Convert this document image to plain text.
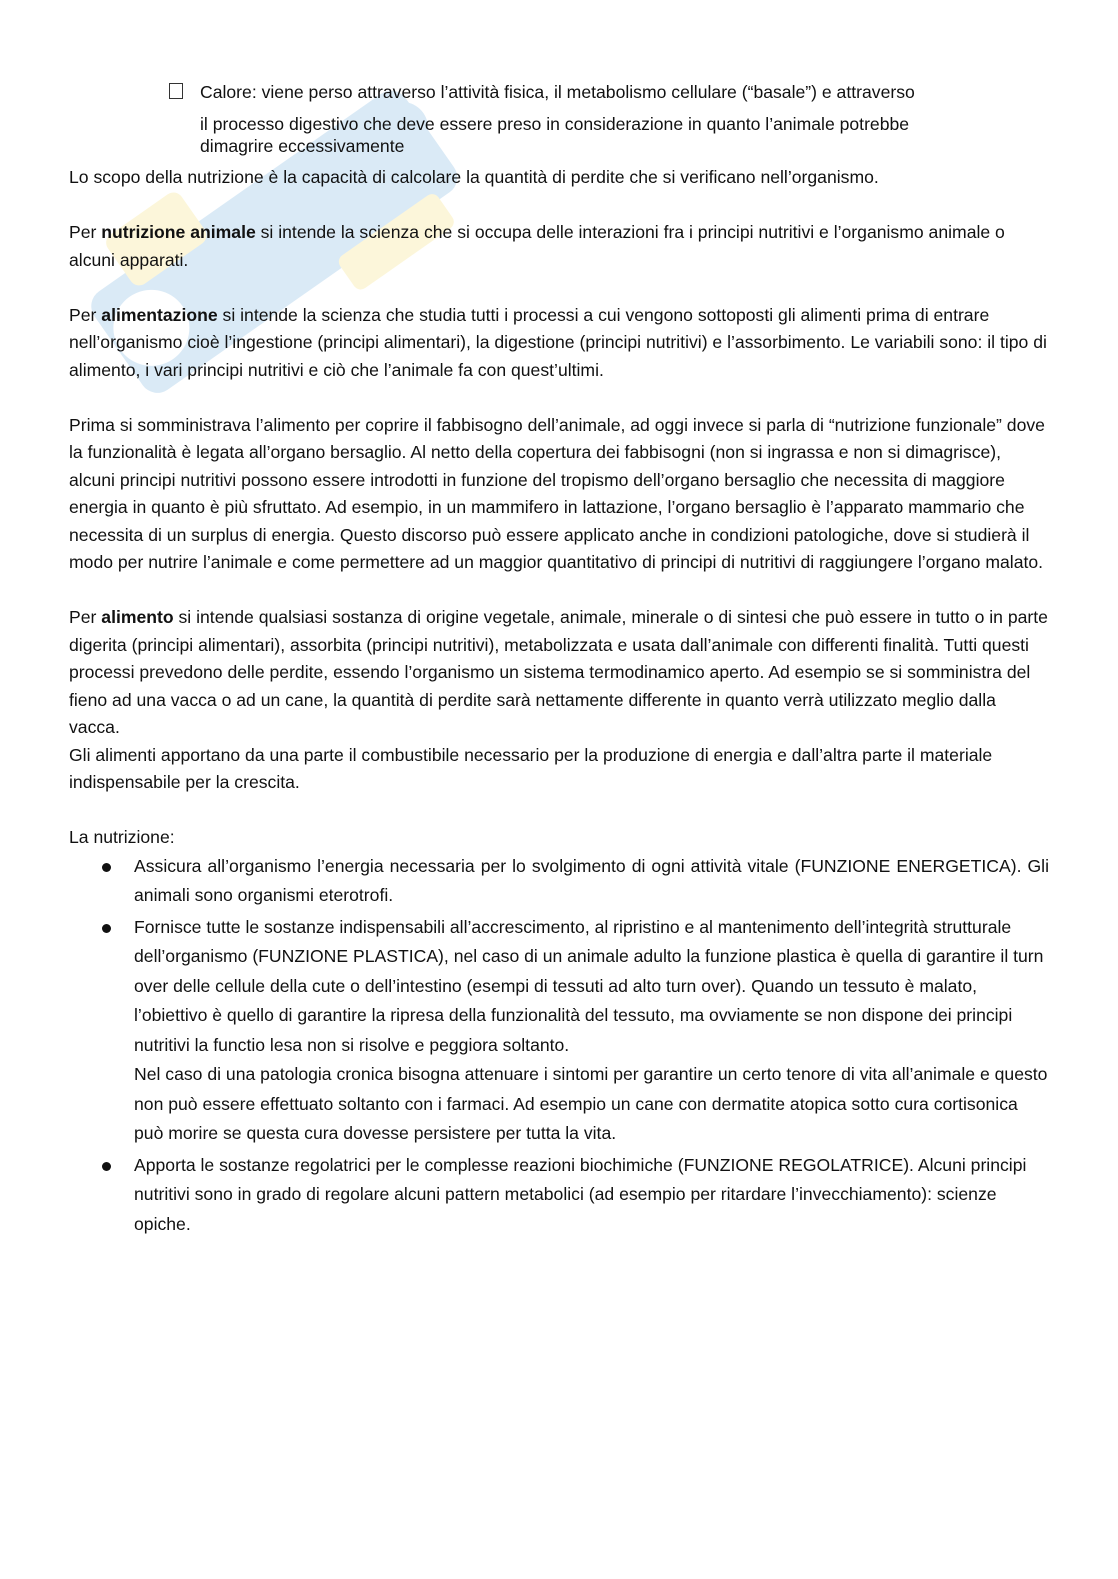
Calore: viene perso attraverso l’attività fisica, il metabolismo cellulare (“basale”) e attraverso

il processo digestivo che deve essere preso in considerazione in quanto l’animale potrebbe

dimagrire eccessivamente

Lo scopo della nutrizione è la capacità di calcolare la quantità di perdite che si verificano nell’organismo.

Per nutrizione animale si intende la scienza che si occupa delle interazioni fra i principi nutritivi e l’organismo animale o alcuni apparati.

Per alimentazione si intende la scienza che studia tutti i processi a cui vengono sottoposti gli alimenti prima di entrare nell’organismo cioè l’ingestione (principi alimentari), la digestione (principi nutritivi) e l’assorbimento. Le variabili sono: il tipo di alimento, i vari principi nutritivi e ciò che l’animale fa con quest’ultimi.

Prima si somministrava l’alimento per coprire il fabbisogno dell’animale, ad oggi invece si parla di “nutrizione funzionale” dove la funzionalità è legata all’organo bersaglio. Al netto della copertura dei fabbisogni (non si ingrassa e non si dimagrisce), alcuni principi nutritivi possono essere introdotti in funzione del tropismo dell’organo bersaglio che necessita di maggiore energia in quanto è più sfruttato. Ad esempio, in un mammifero in lattazione, l’organo bersaglio è l’apparato mammario che necessita di un surplus di energia. Questo discorso può essere applicato anche in condizioni patologiche, dove si studierà il modo per nutrire l’animale e come permettere ad un maggior quantitativo di principi di nutritivi di raggiungere l’organo malato.

Per alimento si intende qualsiasi sostanza di origine vegetale, animale, minerale o di sintesi che può essere in tutto o in parte digerita (principi alimentari), assorbita (principi nutritivi), metabolizzata e usata dall’animale con differenti finalità. Tutti questi processi prevedono delle perdite, essendo l’organismo un sistema termodinamico aperto. Ad esempio se si somministra del fieno ad una vacca o ad un cane, la quantità di perdite sarà nettamente differente in quanto verrà utilizzato meglio dalla vacca.

Gli alimenti apportano da una parte il combustibile necessario per la produzione di energia e dall’altra parte il materiale indispensabile per la crescita.

La nutrizione:

Assicura all’organismo l’energia necessaria per lo svolgimento di ogni attività vitale (FUNZIONE ENERGETICA). Gli animali sono organismi eterotrofi.
Fornisce tutte le sostanze indispensabili all’accrescimento, al ripristino e al mantenimento dell’integrità strutturale dell’organismo (FUNZIONE PLASTICA), nel caso di un animale adulto la funzione plastica è quella di garantire il turn over delle cellule della cute o dell’intestino (esempi di tessuti ad alto turn over). Quando un tessuto è malato, l’obiettivo è quello di garantire la ripresa della funzionalità del tessuto, ma ovviamente se non dispone dei principi nutritivi la functio lesa non si risolve e peggiora soltanto.
Nel caso di una patologia cronica bisogna attenuare i sintomi per garantire un certo tenore di vita all’animale e questo non può essere effettuato soltanto con i farmaci. Ad esempio un cane con dermatite atopica sotto cura cortisonica può morire se questa cura dovesse persistere per tutta la vita.
Apporta le sostanze regolatrici per le complesse reazioni biochimiche (FUNZIONE REGOLATRICE). Alcuni principi nutritivi sono in grado di regolare alcuni pattern metabolici (ad esempio per ritardare l’invecchiamento): scienze opiche.
